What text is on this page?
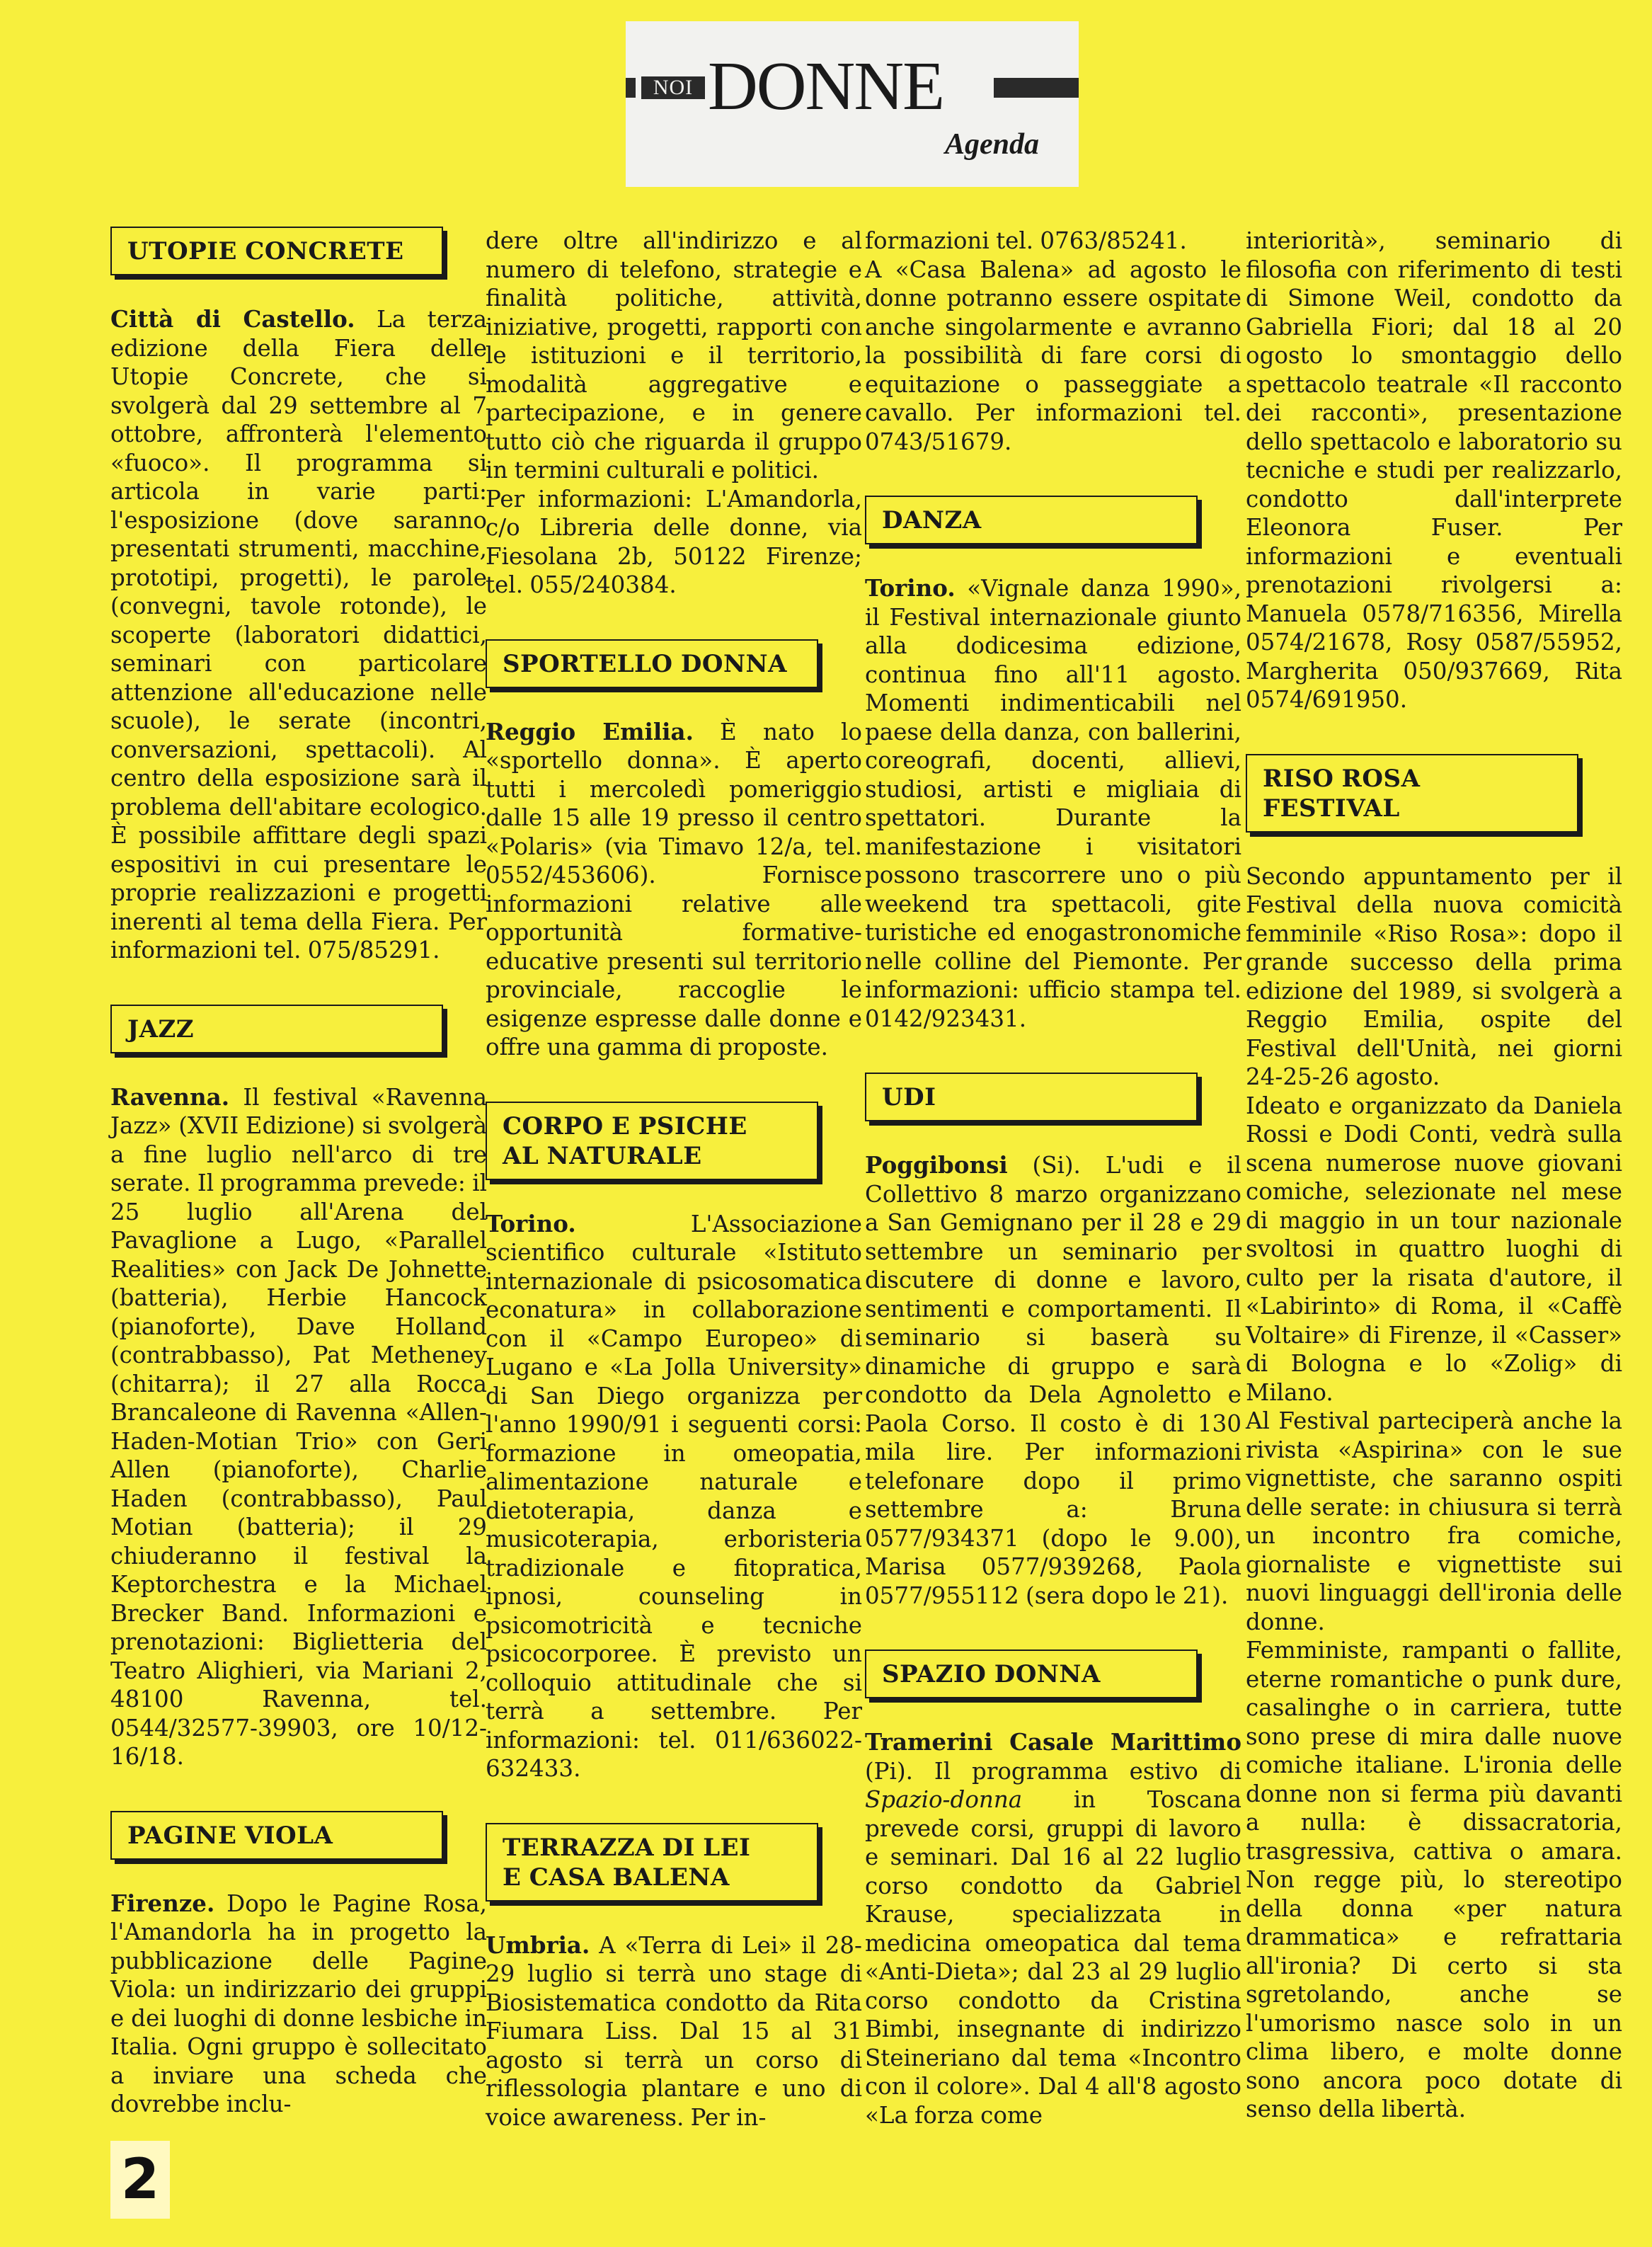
NOI DONNE
Agenda
UTOPIE CONCRETE

Città di Castello. La terza edizione della Fiera delle Utopie Concrete, che si svolgerà dal 29 settembre al 7 ottobre, affronterà l'elemento «fuoco». Il programma si articola in varie parti: l'esposizione (dove saranno presentati strumenti, macchine, prototipi, progetti), le parole (convegni, tavole rotonde), le scoperte (laboratori didattici, seminari con particolare attenzione all'educazione nelle scuole), le serate (incontri, conversazioni, spettacoli). Al centro della esposizione sarà il problema dell'abitare ecologico. È possibile affittare degli spazi espositivi in cui presentare le proprie realizzazioni e progetti inerenti al tema della Fiera. Per informazioni tel. 075/85291.

JAZZ

Ravenna. Il festival «Ravenna Jazz» (XVII Edizione) si svolgerà a fine luglio nell'arco di tre serate. Il programma prevede: il 25 luglio all'Arena del Pavaglione a Lugo, «Parallel Realities» con Jack De Johnette (batteria), Herbie Hancock (pianoforte), Dave Holland (contrabbasso), Pat Metheney (chitarra); il 27 alla Rocca Brancaleone di Ravenna «Allen-Haden-Motian Trio» con Geri Allen (pianoforte), Charlie Haden (contrabbasso), Paul Motian (batteria); il 29 chiuderanno il festival la Keptorchestra e la Michael Brecker Band. Informazioni e prenotazioni: Biglietteria del Teatro Alighieri, via Mariani 2, 48100 Ravenna, tel. 0544/32577-39903, ore 10/12-16/18.

PAGINE VIOLA

Firenze. Dopo le Pagine Rosa, l'Amandorla ha in progetto la pubblicazione delle Pagine Viola: un indirizzario dei gruppi e dei luoghi di donne lesbiche in Italia. Ogni gruppo è sollecitato a inviare una scheda che dovrebbe inclu-

dere oltre all'indirizzo e al numero di telefono, strategie e finalità politiche, attività, iniziative, progetti, rapporti con le istituzioni e il territorio, modalità aggregative e partecipazione, e in genere tutto ciò che riguarda il gruppo in termini culturali e politici.

Per informazioni: L'Amandorla, c/o Libreria delle donne, via Fiesolana 2b, 50122 Firenze; tel. 055/240384.

SPORTELLO DONNA

Reggio Emilia. È nato lo «sportello donna». È aperto tutti i mercoledì pomeriggio dalle 15 alle 19 presso il centro «Polaris» (via Timavo 12/a, tel. 0552/453606). Fornisce informazioni relative alle opportunità formative-educative presenti sul territorio provinciale, raccoglie le esigenze espresse dalle donne e offre una gamma di proposte.

CORPO E PSICHE
AL NATURALE

Torino. L'Associazione scientifico culturale «Istituto internazionale di psicosomatica econatura» in collaborazione con il «Campo Europeo» di Lugano e «La Jolla University» di San Diego organizza per l'anno 1990/91 i seguenti corsi: formazione in omeopatia, alimentazione naturale e dietoterapia, danza e musicoterapia, erboristeria tradizionale e fitopratica, ipnosi, counseling in psicomotricità e tecniche psicocorporee. È previsto un colloquio attitudinale che si terrà a settembre. Per informazioni: tel. 011/636022-632433.

TERRAZZA DI LEI
E CASA BALENA

Umbria. A «Terra di Lei» il 28-29 luglio si terrà uno stage di Biosistematica condotto da Rita Fiumara Liss. Dal 15 al 31 agosto si terrà un corso di riflessologia plantare e uno di voice awareness. Per in-

formazioni tel. 0763/85241.

A «Casa Balena» ad agosto le donne potranno essere ospitate anche singolarmente e avranno la possibilità di fare corsi di equitazione o passeggiate a cavallo. Per informazioni tel. 0743/51679.

DANZA

Torino. «Vignale danza 1990», il Festival internazionale giunto alla dodicesima edizione, continua fino all'11 agosto. Momenti indimenticabili nel paese della danza, con ballerini, coreografi, docenti, allievi, studiosi, artisti e migliaia di spettatori. Durante la manifestazione i visitatori possono trascorrere uno o più weekend tra spettacoli, gite turistiche ed enogastronomiche nelle colline del Piemonte. Per informazioni: ufficio stampa tel. 0142/923431.

UDI

Poggibonsi (Si). L'udi e il Collettivo 8 marzo organizzano a San Gemignano per il 28 e 29 settembre un seminario per discutere di donne e lavoro, sentimenti e comportamenti. Il seminario si baserà su dinamiche di gruppo e sarà condotto da Dela Agnoletto e Paola Corso. Il costo è di 130 mila lire. Per informazioni telefonare dopo il primo settembre a: Bruna 0577/934371 (dopo le 9.00), Marisa 0577/939268, Paola 0577/955112 (sera dopo le 21).

SPAZIO DONNA

Tramerini Casale Marittimo (Pi). Il programma estivo di Spazio-donna in Toscana prevede corsi, gruppi di lavoro e seminari. Dal 16 al 22 luglio corso condotto da Gabriel Krause, specializzata in medicina omeopatica dal tema «Anti-Dieta»; dal 23 al 29 luglio corso condotto da Cristina Bimbi, insegnante di indirizzo Steineriano dal tema «Incontro con il colore». Dal 4 all'8 agosto «La forza come

interiorità», seminario di filosofia con riferimento di testi di Simone Weil, condotto da Gabriella Fiori; dal 18 al 20 ogosto lo smontaggio dello spettacolo teatrale «Il racconto dei racconti», presentazione dello spettacolo e laboratorio su tecniche e studi per realizzarlo, condotto dall'interprete Eleonora Fuser. Per informazioni e eventuali prenotazioni rivolgersi a: Manuela 0578/716356, Mirella 0574/21678, Rosy 0587/55952, Margherita 050/937669, Rita 0574/691950.

RISO ROSA
FESTIVAL

Secondo appuntamento per il Festival della nuova comicità femminile «Riso Rosa»: dopo il grande successo della prima edizione del 1989, si svolgerà a Reggio Emilia, ospite del Festival dell'Unità, nei giorni 24-25-26 agosto.

Ideato e organizzato da Daniela Rossi e Dodi Conti, vedrà sulla scena numerose nuove giovani comiche, selezionate nel mese di maggio in un tour nazionale svoltosi in quattro luoghi di culto per la risata d'autore, il «Labirinto» di Roma, il «Caffè Voltaire» di Firenze, il «Casser» di Bologna e lo «Zolig» di Milano.

Al Festival parteciperà anche la rivista «Aspirina» con le sue vignettiste, che saranno ospiti delle serate: in chiusura si terrà un incontro fra comiche, giornaliste e vignettiste sui nuovi linguaggi dell'ironia delle donne.

Femministe, rampanti o fallite, eterne romantiche o punk dure, casalinghe o in carriera, tutte sono prese di mira dalle nuove comiche italiane. L'ironia delle donne non si ferma più davanti a nulla: è dissacratoria, trasgressiva, cattiva o amara. Non regge più, lo stereotipo della donna «per natura drammatica» e refrattaria all'ironia? Di certo si sta sgretolando, anche se l'umorismo nasce solo in un clima libero, e molte donne sono ancora poco dotate di senso della libertà.

2
